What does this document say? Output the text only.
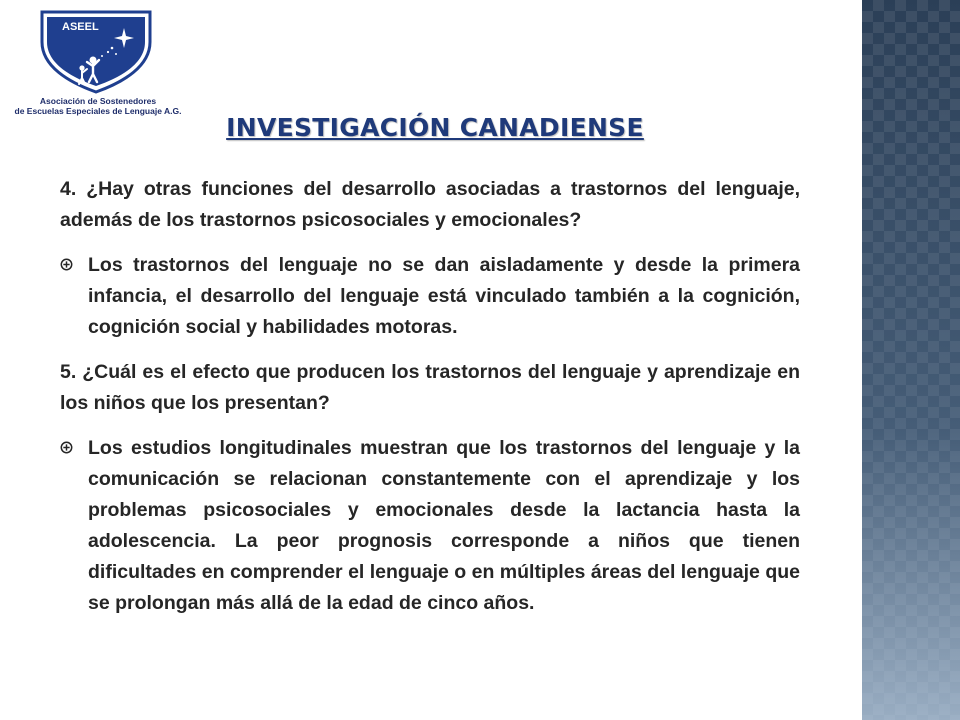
ASEEL
Asociación de Sostenedores
de Escuelas Especiales de Lenguaje A.G.
INVESTIGACIÓN CANADIENSE

4. ¿Hay otras funciones del desarrollo asociadas a trastornos del lenguaje, además de los trastornos psicosociales y emocionales?

Los trastornos del lenguaje no se dan aisladamente y desde la primera infancia, el desarrollo del lenguaje está vinculado también a la cognición, cognición social y habilidades motoras.

5. ¿Cuál es el efecto que producen los trastornos del lenguaje y aprendizaje en los niños que los presentan?

Los estudios longitudinales muestran que los trastornos del lenguaje y la comunicación se relacionan constantemente con el aprendizaje y los problemas psicosociales y emocionales desde la lactancia hasta la adolescencia. La peor prognosis corresponde a niños que tienen dificultades en comprender el lenguaje o en múltiples áreas del lenguaje que se prolongan más allá de la edad de cinco años.
